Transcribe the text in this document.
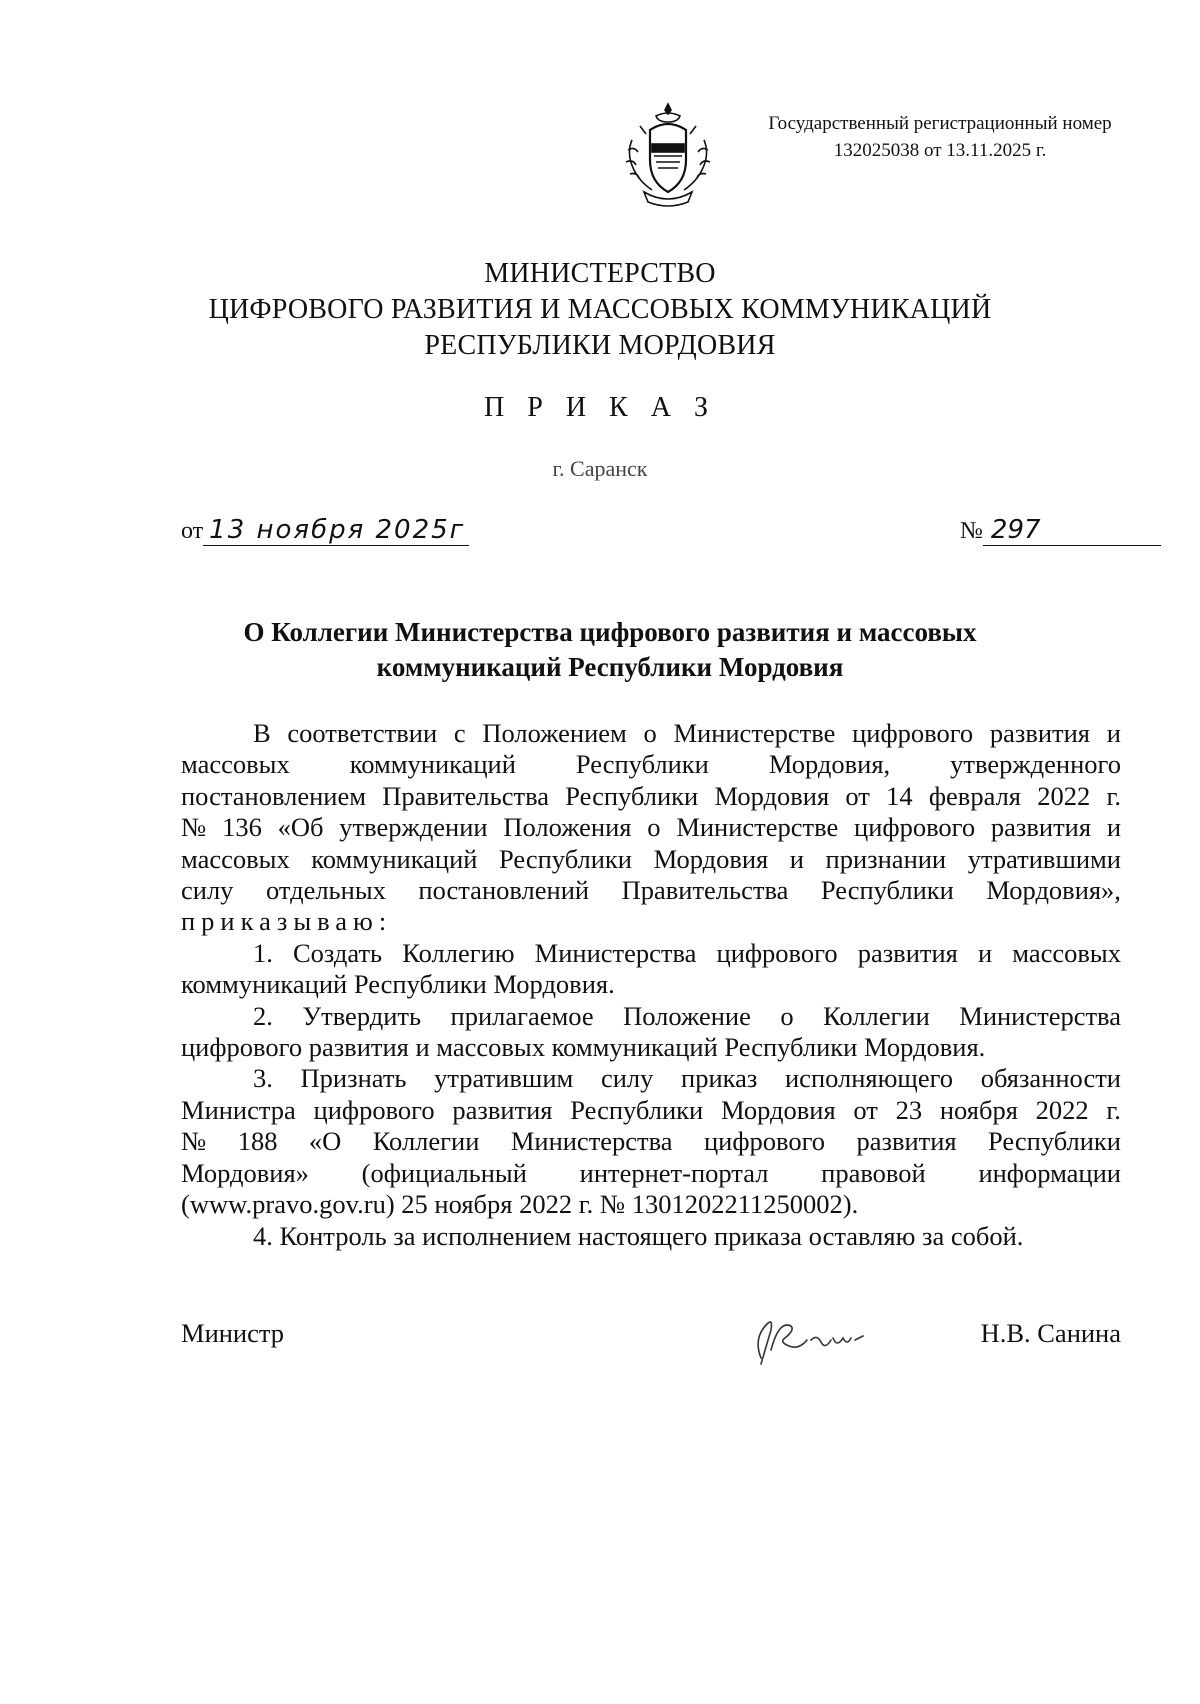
Государственный регистрационный номер
132025038 от 13.11.2025 г.
МИНИСТЕРСТВО
ЦИФРОВОГО РАЗВИТИЯ И МАССОВЫХ КОММУНИКАЦИЙ
РЕСПУБЛИКИ МОРДОВИЯ
П Р И К А З
г. Саранск
от 13 ноября 2025г	№ 297
О Коллегии Министерства цифрового развития и массовых
коммуникаций Республики Мордовия
В соответствии с Положением о Министерстве цифрового развития и
массовых коммуникаций Республики Мордовия, утвержденного
постановлением Правительства Республики Мордовия от 14 февраля 2022 г.
№ 136 «Об утверждении Положения о Министерстве цифрового развития и
массовых коммуникаций Республики Мордовия и признании утратившими
силу отдельных постановлений Правительства Республики Мордовия»,
приказываю:
1. Создать Коллегию Министерства цифрового развития и массовых
коммуникаций Республики Мордовия.
2. Утвердить прилагаемое Положение о Коллегии Министерства
цифрового развития и массовых коммуникаций Республики Мордовия.
3. Признать утратившим силу приказ исполняющего обязанности
Министра цифрового развития Республики Мордовия от 23 ноября 2022 г.
№ 188 «О Коллегии Министерства цифрового развития Республики
Мордовия» (официальный интернет-портал правовой информации
(www.pravo.gov.ru) 25 ноября 2022 г. № 1301202211250002).
4. Контроль за исполнением настоящего приказа оставляю за собой.
Министр	Н.В. Санина
